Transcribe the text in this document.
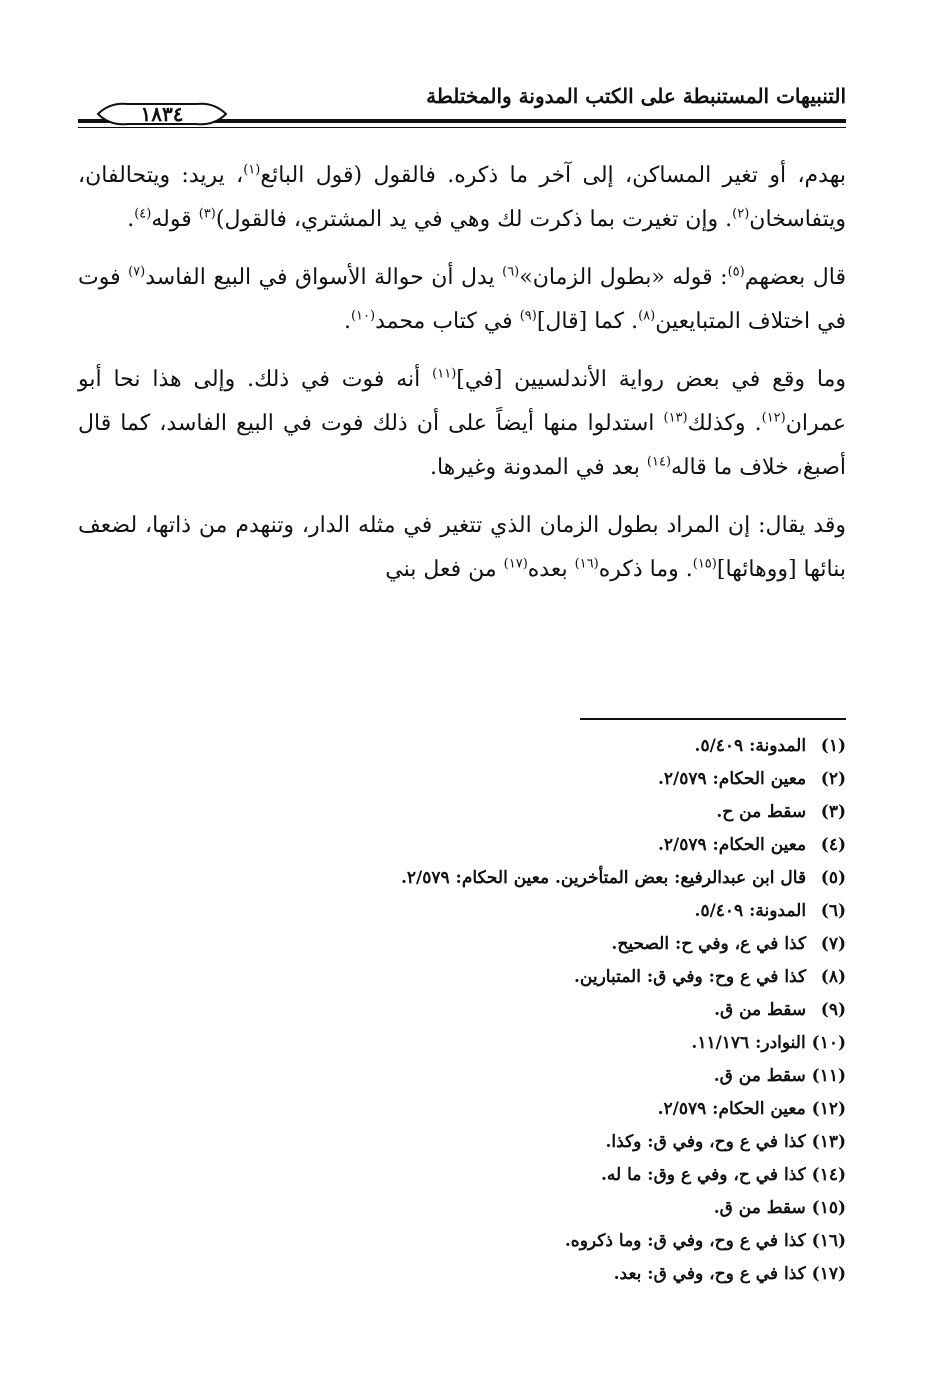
التنبيهات المستنبطة على الكتب المدونة والمختلطة
١٨٣٤

بهدم، أو تغير المساكن، إلى آخر ما ذكره. فالقول (قول البائع$^{(١)}$، يريد: ويتحالفان، ويتفاسخان$^{(٢)}$. وإن تغيرت بما ذكرت لك وهي في يد المشتري، فالقول)$^{(٣)}$ قوله$^{(٤)}$.

قال بعضهم$^{(٥)}$: قوله «بطول الزمان»$^{(٦)}$ يدل أن حوالة الأسواق في البيع الفاسد$^{(٧)}$ فوت في اختلاف المتبايعين$^{(٨)}$. كما [قال]$^{(٩)}$ في كتاب محمد$^{(١٠)}$.

وما وقع في بعض رواية الأندلسيين [في]$^{(١١)}$ أنه فوت في ذلك. وإلى هذا نحا أبو عمران$^{(١٢)}$. وكذلك$^{(١٣)}$ استدلوا منها أيضاً على أن ذلك فوت في البيع الفاسد، كما قال أصبغ، خلاف ما قاله$^{(١٤)}$ بعد في المدونة وغيرها.

وقد يقال: إن المراد بطول الزمان الذي تتغير في مثله الدار، وتنهدم من ذاتها، لضعف بنائها [ووهائها]$^{(١٥)}$. وما ذكره$^{(١٦)}$ بعده$^{(١٧)}$ من فعل بني

(١) المدونة: ٥/٤٠٩.
(٢) معين الحكام: ٢/٥٧٩.
(٣) سقط من ح.
(٤) معين الحكام: ٢/٥٧٩.
(٥) قال ابن عبدالرفيع: بعض المتأخرين. معين الحكام: ٢/٥٧٩.
(٦) المدونة: ٥/٤٠٩.
(٧) كذا في ع، وفي ح: الصحيح.
(٨) كذا في ع وح: وفي ق: المتبارين.
(٩) سقط من ق.
(١٠) النوادر: ١١/١٧٦.
(١١) سقط من ق.
(١٢) معين الحكام: ٢/٥٧٩.
(١٣) كذا في ع وح، وفي ق: وكذا.
(١٤) كذا في ح، وفي ع وق: ما له.
(١٥) سقط من ق.
(١٦) كذا في ع وح، وفي ق: وما ذكروه.
(١٧) كذا في ع وح، وفي ق: بعد.
